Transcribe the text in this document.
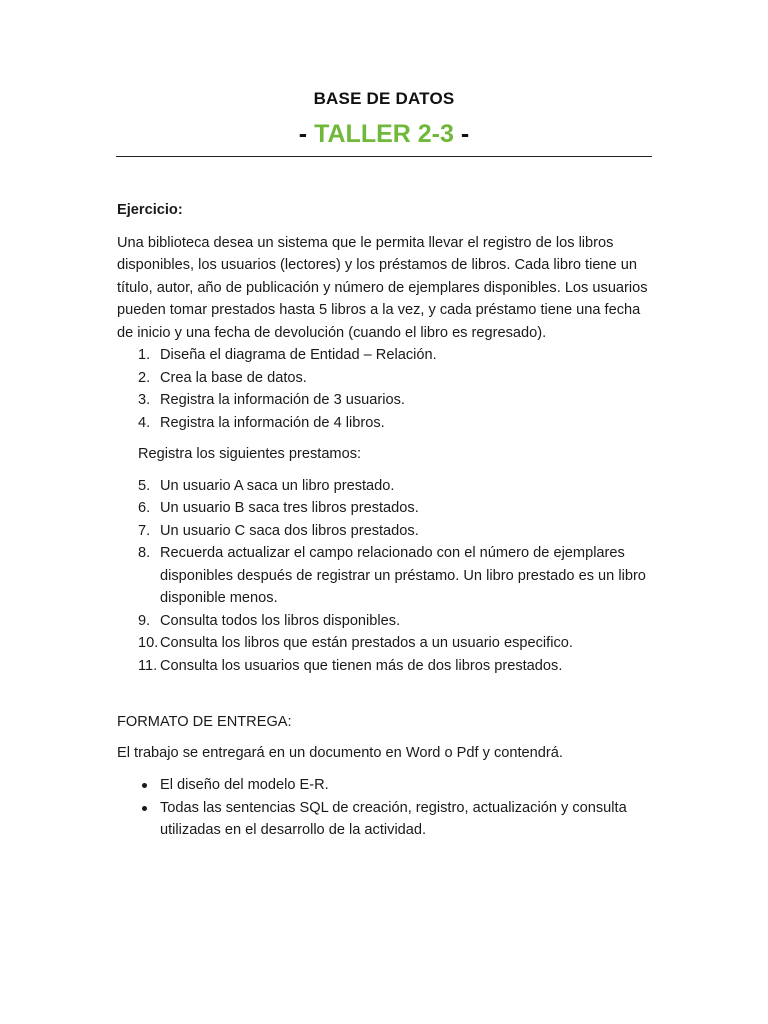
BASE DE DATOS
- TALLER 2-3 -

Ejercicio:

Una biblioteca desea un sistema que le permita llevar el registro de los libros disponibles, los usuarios (lectores) y los préstamos de libros. Cada libro tiene un título, autor, año de publicación y número de ejemplares disponibles. Los usuarios pueden tomar prestados hasta 5 libros a la vez, y cada préstamo tiene una fecha de inicio y una fecha de devolución (cuando el libro es regresado).

1. Diseña el diagrama de Entidad – Relación.
2. Crea la base de datos.
3. Registra la información de 3 usuarios.
4. Registra la información de 4 libros.

Registra los siguientes prestamos:

5. Un usuario A saca un libro prestado.
6. Un usuario B saca tres libros prestados.
7. Un usuario C saca dos libros prestados.
8. Recuerda actualizar el campo relacionado con el número de ejemplares disponibles después de registrar un préstamo. Un libro prestado es un libro disponible menos.
9. Consulta todos los libros disponibles.
10. Consulta los libros que están prestados a un usuario especifico.
11. Consulta los usuarios que tienen más de dos libros prestados.

FORMATO DE ENTREGA:

El trabajo se entregará en un documento en Word o Pdf y contendrá.

El diseño del modelo E-R.
Todas las sentencias SQL de creación, registro, actualización y consulta utilizadas en el desarrollo de la actividad.
